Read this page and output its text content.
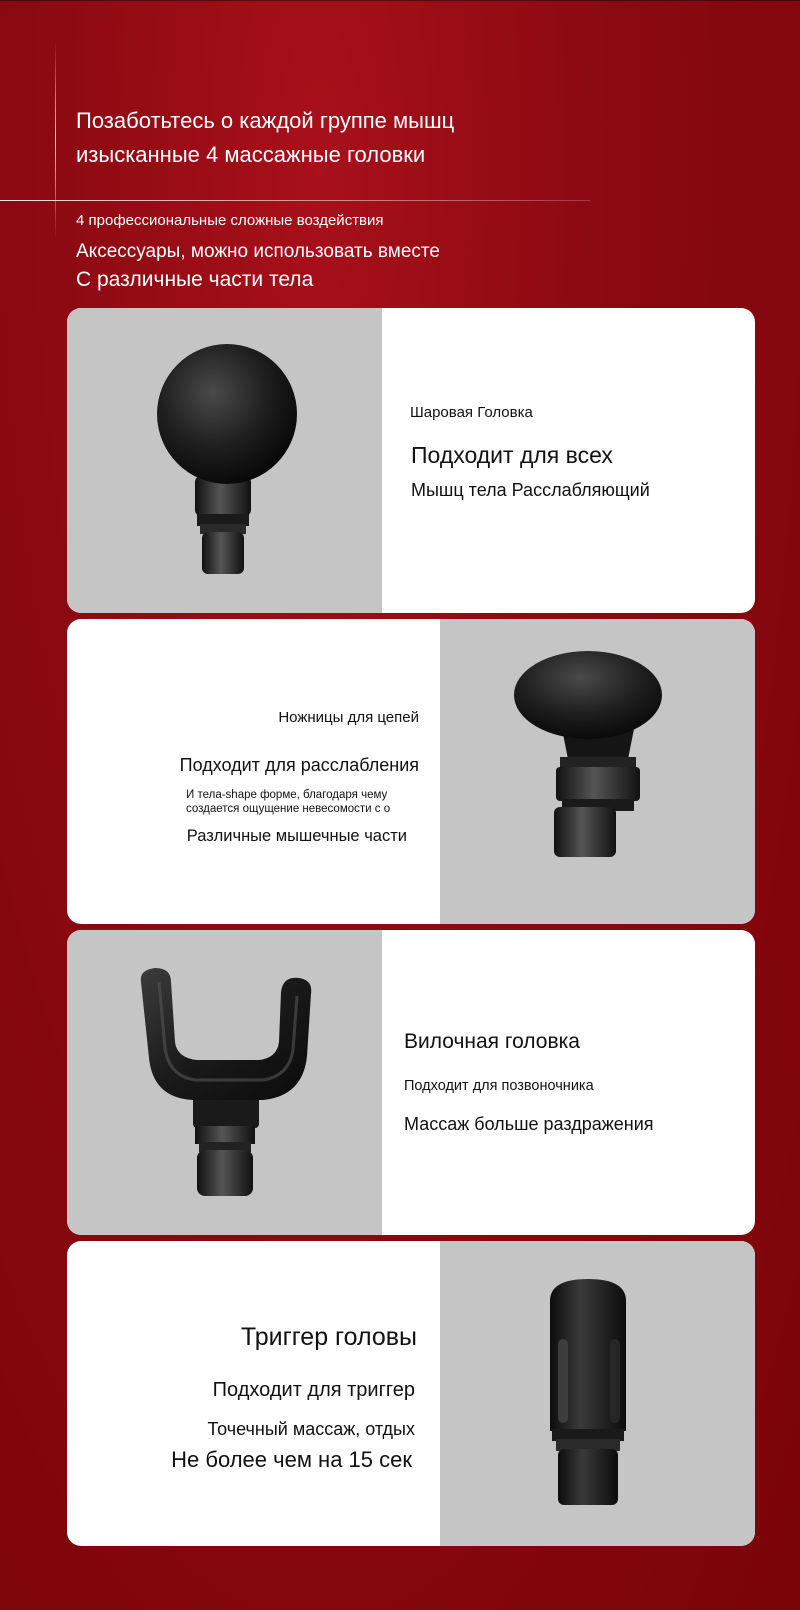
Позаботьтесь о каждой группе мышц
изысканные 4 массажные головки
4 профессиональные сложные воздействия
Аксессуары, можно использовать вместе
С различные части тела
Шаровая Головка
Подходит для всех
Мышц тела Расслабляющий
Ножницы для цепей
Подходит для расслабления
И тела-shape форме, благодаря чему
создается ощущение невесомости с о
Различные мышечные части
Вилочная головка
Подходит для позвоночника
Массаж больше раздражения
Триггер головы
Подходит для триггер
Точечный массаж, отдых
Не более чем на 15 сек
